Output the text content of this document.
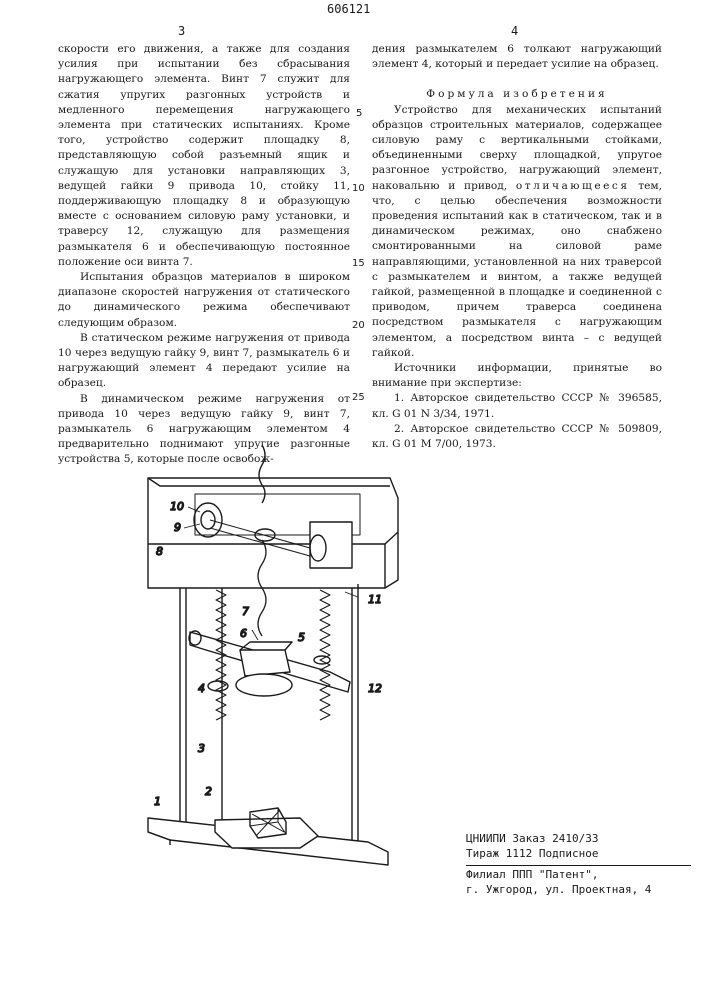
606121
3	4

скорости его движения, а также для создания усилия при испытании без сбрасывания нагружающего элемента. Винт 7 служит для сжатия упругих разгонных устройств и медленного перемещения нагружающего элемента при статических испытаниях. Кроме того, устройство содержит площадку 8, представляющую собой разъемный ящик и служащую для установки направляющих 3, ведущей гайки 9 привода 10, стойку 11, поддерживающую площадку 8 и образующую вместе с основанием силовую раму установки, и траверсу 12, служащую для размещения размыкателя 6 и обеспечивающую постоянное положение оси винта 7.

Испытания образцов материалов в широком диапазоне скоростей нагружения от статического до динамического режима обеспечивают следующим образом.

В статическом режиме нагружения от привода 10 через ведущую гайку 9, винт 7, размыкатель 6 и нагружающий элемент 4 передают усилие на образец.

В динамическом режиме нагружения от привода 10 через ведущую гайку 9, винт 7, размыкатель 6 нагружающим элементом 4 предварительно поднимают упругие разгонные устройства 5, которые после освобож-

5
10
15
20
25

дения размыкателем 6 толкают нагружающий элемент 4, который и передает усилие на образец.

Формула изобретения

Устройство для механических испытаний образцов строительных материалов, содержащее силовую раму с вертикальными стойками, объединенными сверху площадкой, упругое разгонное устройство, нагружающий элемент, наковальню и привод, отличающееся тем, что, с целью обеспечения возможности проведения испытаний как в статическом, так и в динамическом режимах, оно снабжено смонтированными на силовой раме направляющими, установленной на них траверсой с размыкателем и винтом, а также ведущей гайкой, размещенной в площадке и соединенной с приводом, причем траверса соединена посредством размыкателя с нагружающим элементом, а посредством винта – с ведущей гайкой.

Источники информации, принятые во внимание при экспертизе:

1. Авторское свидетельство СССР № 396585, кл. G 01 N 3/34, 1971.

2. Авторское свидетельство СССР № 509809, кл. G 01 M 7/00, 1973.

10
9
8
7
6	5
11
4	12
3
2
1
ЦНИИПИ Заказ 2410/33
Тираж 1112 Подписное
Филиал ППП "Патент",
г. Ужгород, ул. Проектная, 4
